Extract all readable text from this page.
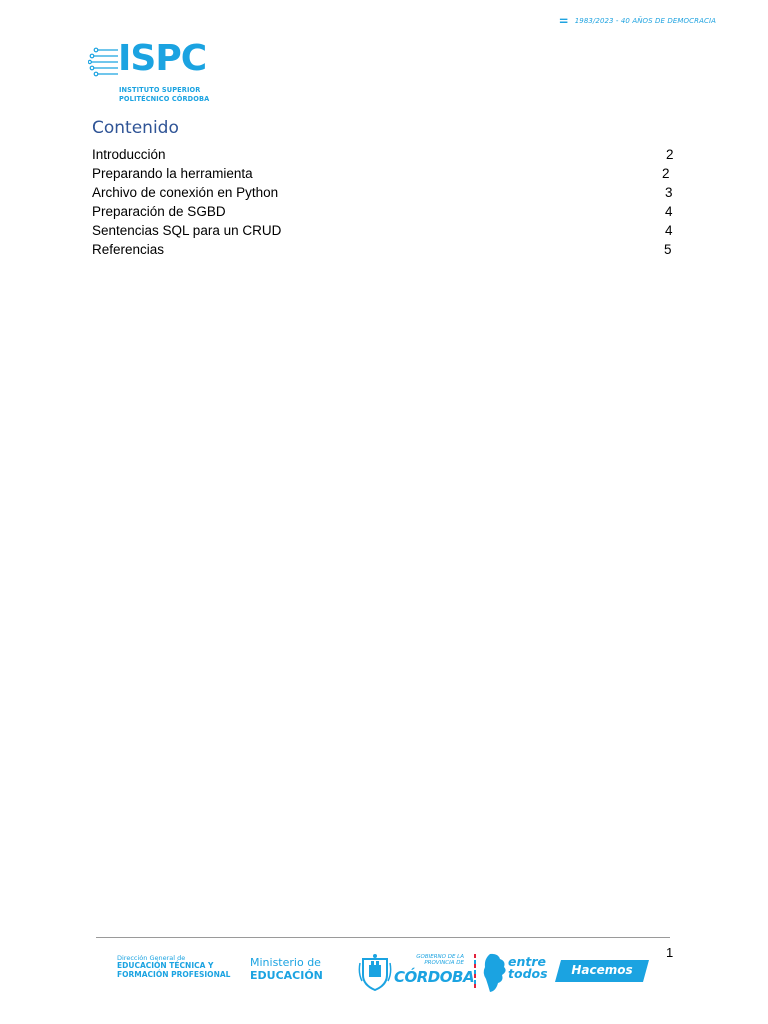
= 1983/2023 - 40 AÑOS DE DEMOCRACIA
ISPC
INSTITUTO SUPERIOR
POLITÉCNICO CÓRDOBA
Contenido
Introducción	2
Preparando la herramienta	2
Archivo de conexión en Python	3
Preparación de SGBD	4
Sentencias SQL para un CRUD	4
Referencias	5
1
Dirección General de
EDUCACIÓN TÉCNICA Y
FORMACIÓN PROFESIONAL
Ministerio de
EDUCACIÓN
GOBIERNO DE LA
PROVINCIA DE
CÓRDOBA
entre
todos	Hacemos
